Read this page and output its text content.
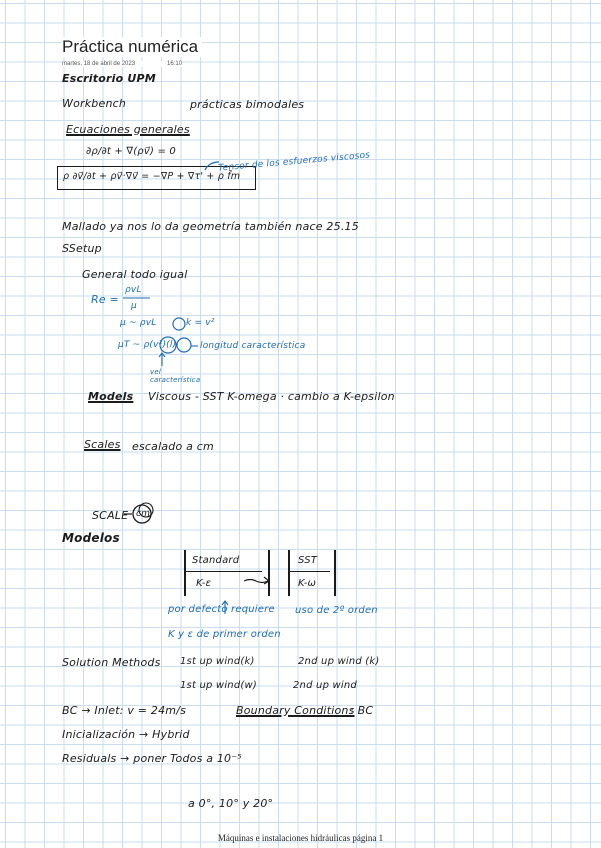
Práctica numérica
martes, 18 de abril de 2023	16:10
Escritorio UPM
Workbench	prácticas bimodales
Ecuaciones generales
∂ρ/∂t + ∇(ρv⃗) = 0
ρ ∂v⃗/∂t + ρv⃗·∇v⃗ = −∇P + ∇τ' + ρ f̄m
Tensor de los esfuerzos viscosos
Mallado ya nos lo da geometría también nace 25.15
SSetup
General todo igual
Re =
ρvL
μ
μ ~ ρvL	k = v²
μT ~ ρ(v²)(l)	longitud característica
vel característica
Models Viscous - SST K-omega · cambio a K-epsilon
Scales escalado a cm
SCALE cm
Modelos
Standard
K-ε
SST
K-ω
por defecto requiere uso de 2º orden
K y ε de primer orden
Solution Methods 1st up wind(k)	2nd up wind (k)
1st up wind(w)	2nd up wind
BC → Inlet: v = 24m/s	Boundary Conditions
: BC
Inicialización → Hybrid
Residuals → poner Todos a 10⁻⁵
a 0°, 10° y 20°
Máquinas e instalaciones hidráulicas página 1
